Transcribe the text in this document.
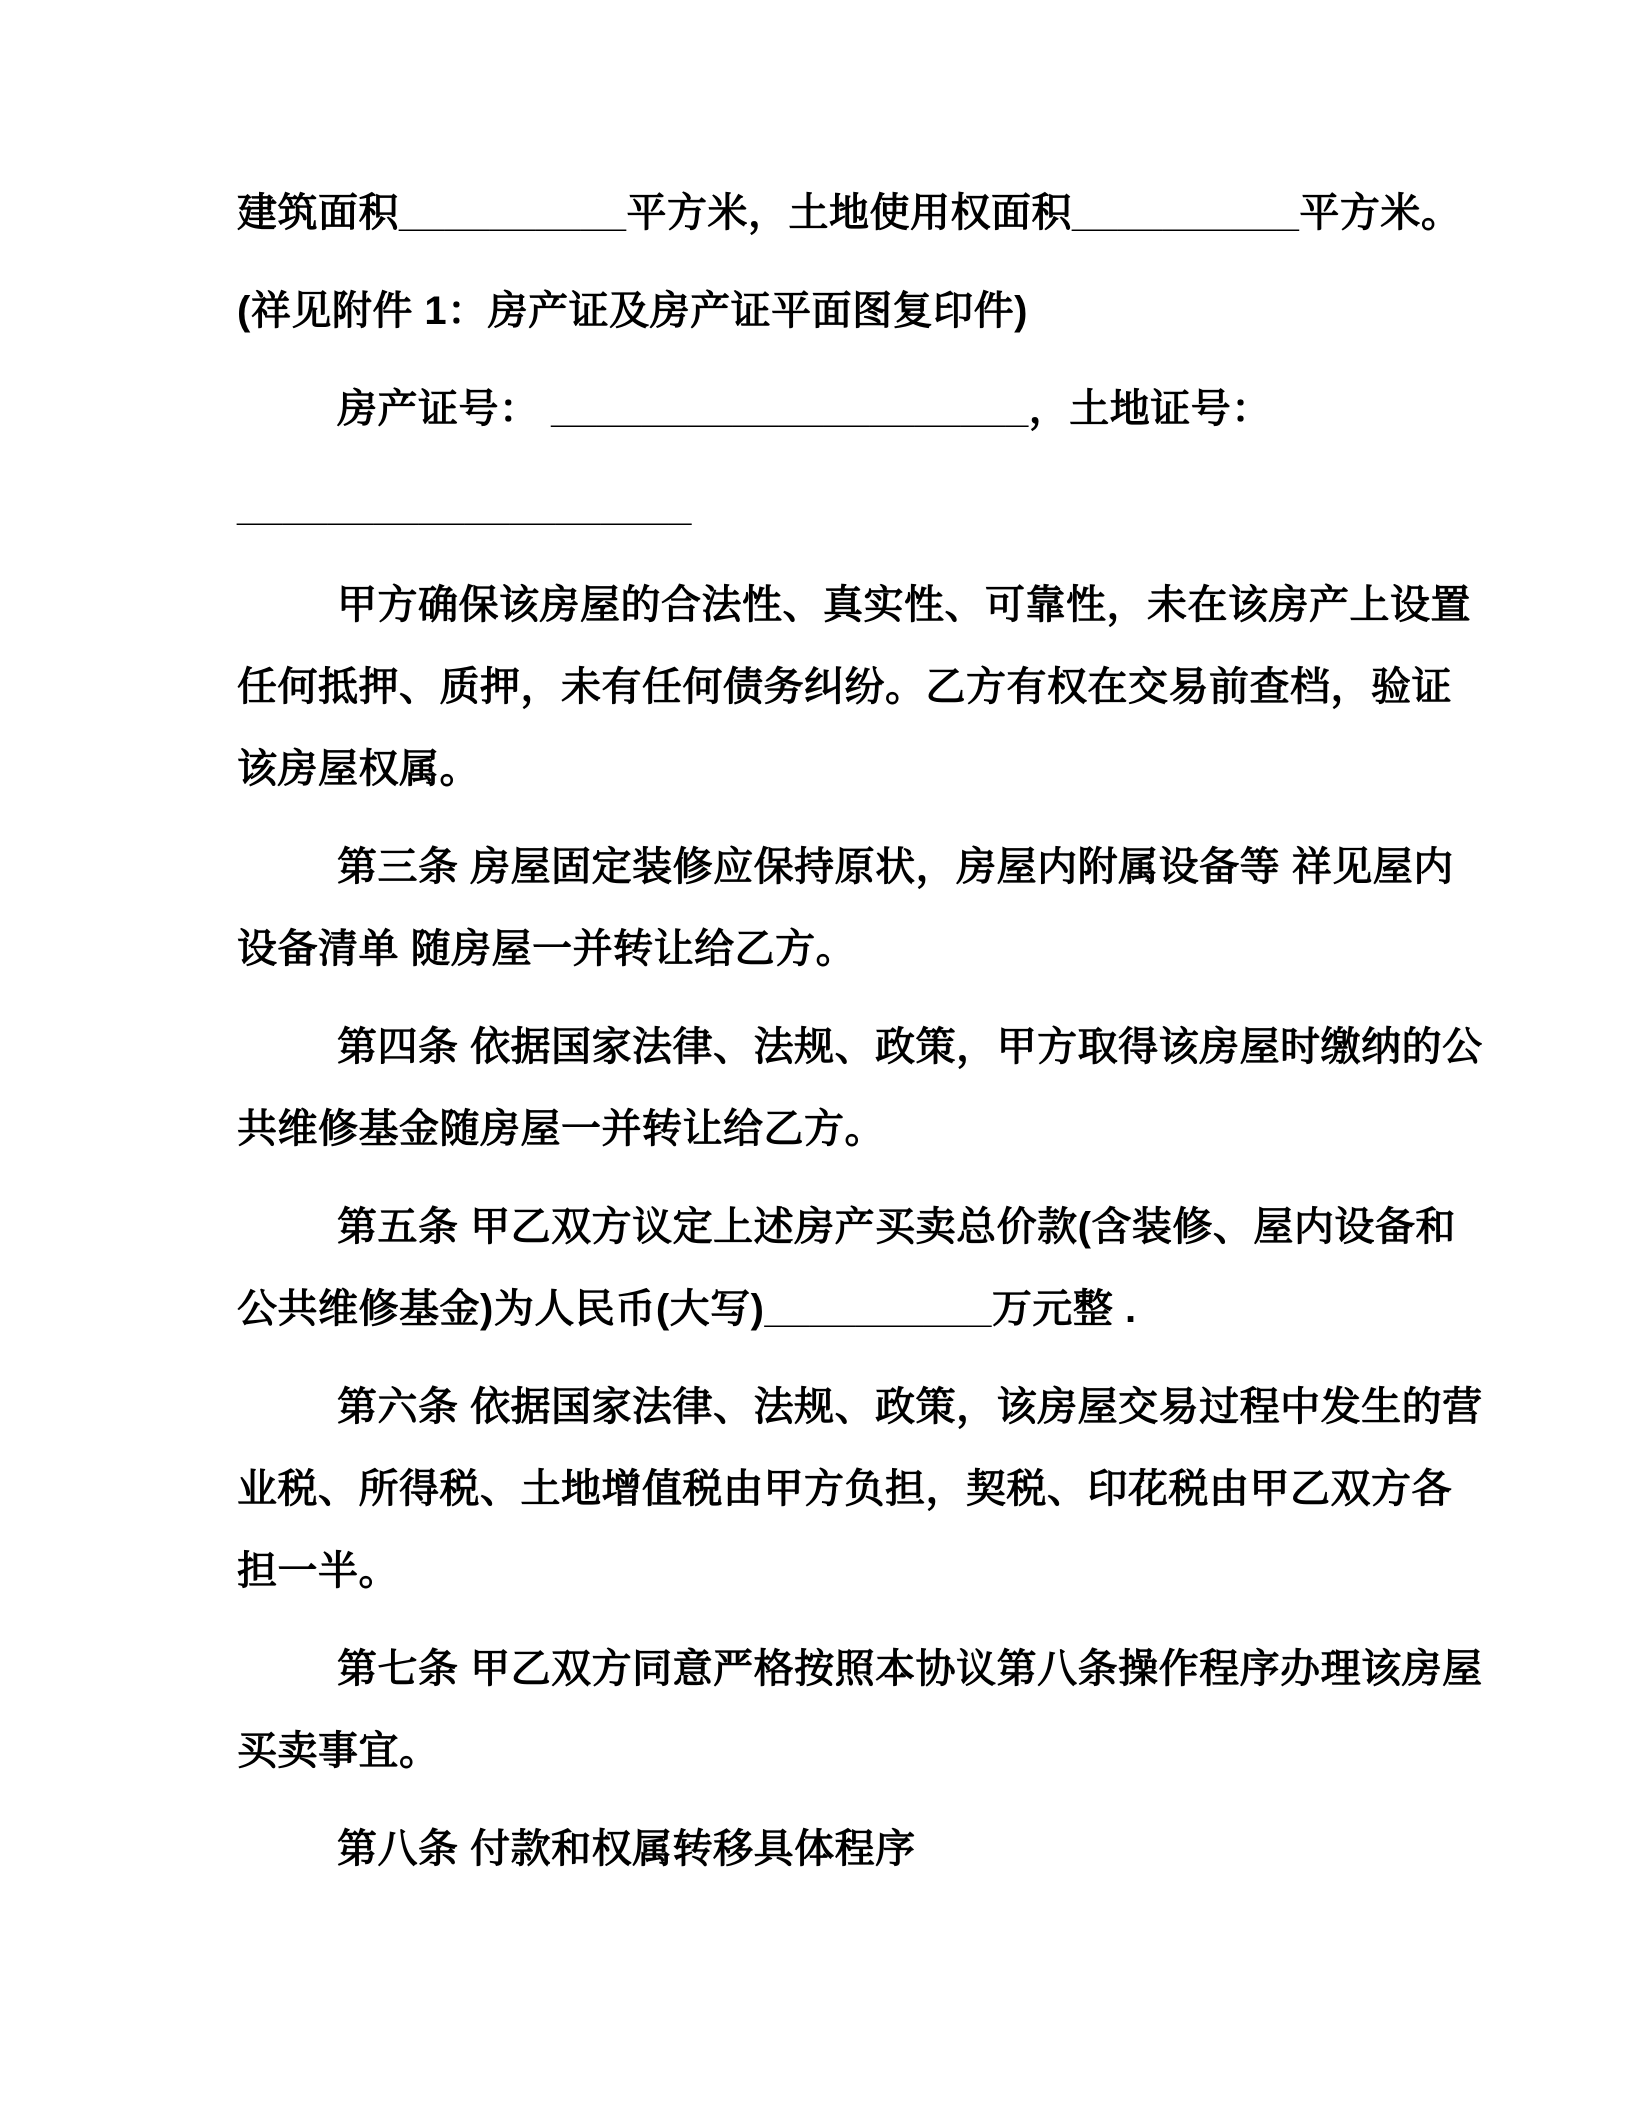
建筑面积__________平方米，土地使用权面积__________平方米。

(祥见附件 1：房产证及房产证平面图复印件)

房产证号： _____________________，土地证号：

____________________

甲方确保该房屋的合法性、真实性、可靠性，未在该房产上设置
任何抵押、质押，未有任何债务纠纷。乙方有权在交易前查档，验证
该房屋权属。

第三条 房屋固定装修应保持原状，房屋内附属设备等 祥见屋内
设备清单 随房屋一并转让给乙方。

第四条 依据国家法律、法规、政策，甲方取得该房屋时缴纳的公
共维修基金随房屋一并转让给乙方。

第五条 甲乙双方议定上述房产买卖总价款(含装修、屋内设备和
公共维修基金)为人民币(大写)__________万元整 .

第六条 依据国家法律、法规、政策，该房屋交易过程中发生的营
业税、所得税、土地增值税由甲方负担，契税、印花税由甲乙双方各
担一半。

第七条 甲乙双方同意严格按照本协议第八条操作程序办理该房屋
买卖事宜。

第八条 付款和权属转移具体程序
